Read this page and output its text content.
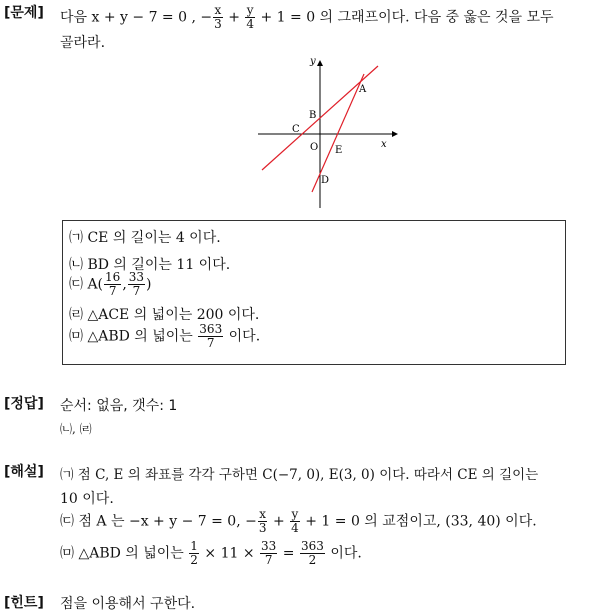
[문제] 다음 x + y − 7 = 0 , − $\frac{x}{3} + \frac{y}{4} + 1 = 0$ 의 그래프이다. 다음 중 옳은 것을 모두
골라라.
y
x
A
B
C
O E
D
㈀ CE 의 길이는 4 이다.
㈁ BD 의 길이는 11 이다.
㈂ $A( \frac{16}{7}$ , $\frac{33}{7}$ )
㈃ △ACE 의 넓이는 200 이다.
㈄ △ABD 의 넓이는 $\frac{363}{7}$ 이다.
[정답] 순서: 없음, 갯수: 1
㈁, ㈃
[해설] ㈀ 점 C, E 의 좌표를 각각 구하면 C(−7, 0), E(3, 0) 이다. 따라서 CE 의 길이는
10 이다.
㈂ 점 A 는 −x + y − 7 = 0, − $\frac{x}{3} + \frac{y}{4} + 1 = 0$ 의 교점이고, (33, 40) 이다.
㈄ △ABD 의 넓이는 $\frac{1}{2} \times 11 \times \frac{33}{7} = \frac{363}{2}$ 이다.
[힌트] 점을 이용해서 구한다.
